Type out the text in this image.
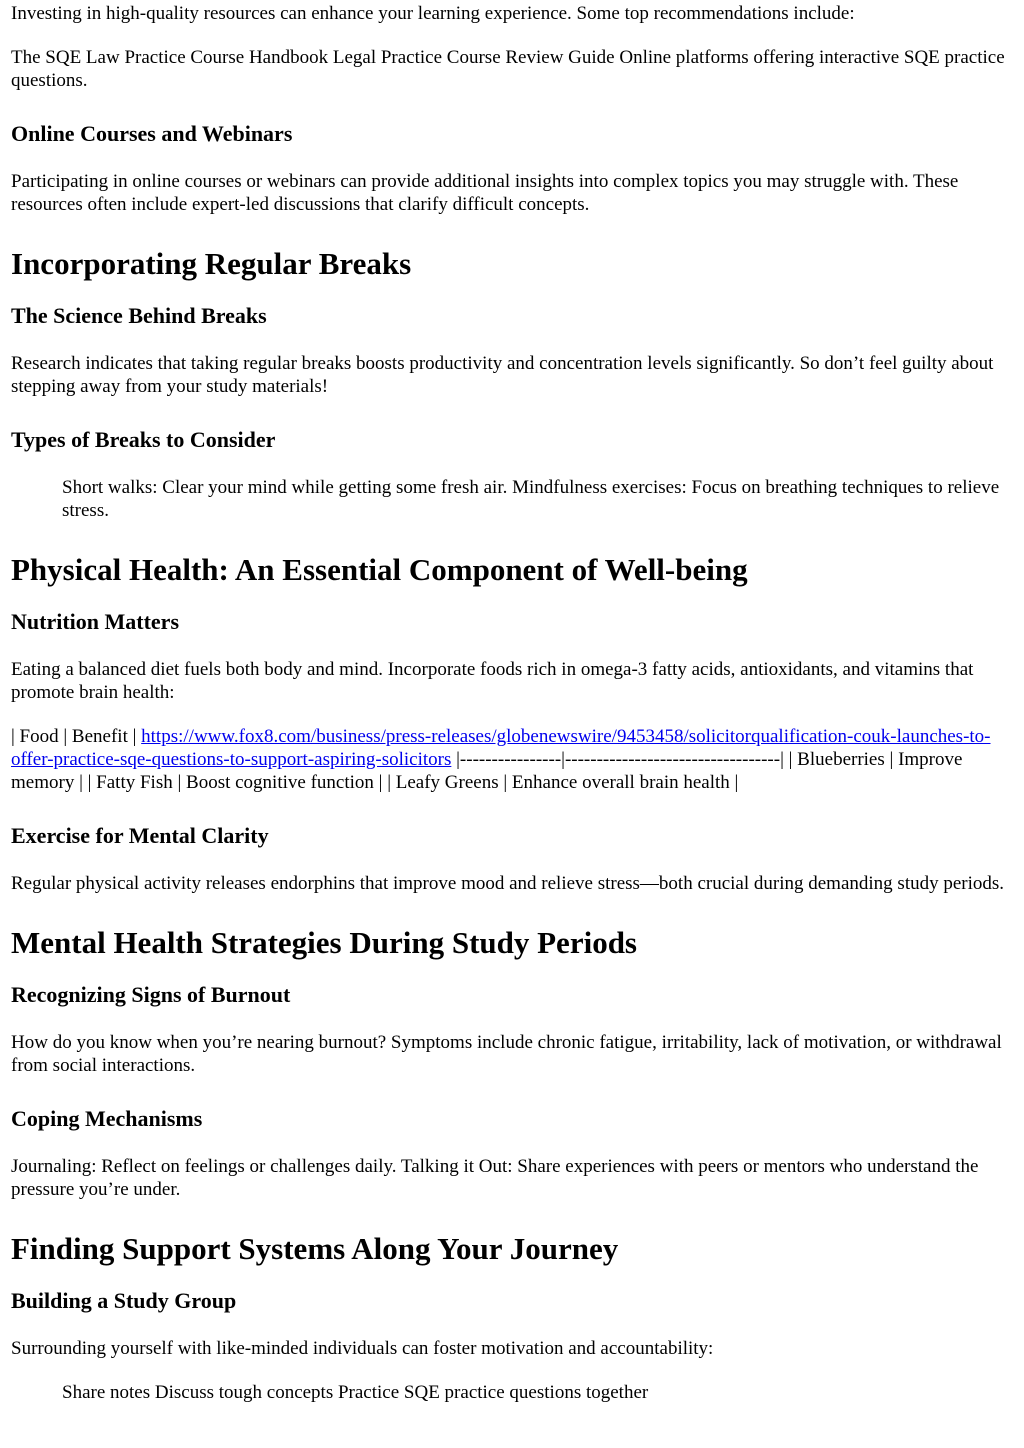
Investing in high-quality resources can enhance your learning experience. Some top recommendations include:

The SQE Law Practice Course Handbook Legal Practice Course Review Guide Online platforms offering interactive SQE practice questions.

Online Courses and Webinars

Participating in online courses or webinars can provide additional insights into complex topics you may struggle with. These resources often include expert-led discussions that clarify difficult concepts.

Incorporating Regular Breaks
The Science Behind Breaks

Research indicates that taking regular breaks boosts productivity and concentration levels significantly. So don’t feel guilty about stepping away from your study materials!

Types of Breaks to Consider

Short walks: Clear your mind while getting some fresh air. Mindfulness exercises: Focus on breathing techniques to relieve stress.

Physical Health: An Essential Component of Well-being
Nutrition Matters

Eating a balanced diet fuels both body and mind. Incorporate foods rich in omega-3 fatty acids, antioxidants, and vitamins that promote brain health:

| Food | Benefit | https://www.fox8.com/business/press-releases/globenewswire/9453458/solicitorqualification-couk-launches-to-offer-practice-sqe-questions-to-support-aspiring-solicitors |----------------|----------------------------------| | Blueberries | Improve memory | | Fatty Fish | Boost cognitive function | | Leafy Greens | Enhance overall brain health |

Exercise for Mental Clarity

Regular physical activity releases endorphins that improve mood and relieve stress—both crucial during demanding study periods.

Mental Health Strategies During Study Periods
Recognizing Signs of Burnout

How do you know when you’re nearing burnout? Symptoms include chronic fatigue, irritability, lack of motivation, or withdrawal from social interactions.

Coping Mechanisms

Journaling: Reflect on feelings or challenges daily. Talking it Out: Share experiences with peers or mentors who understand the pressure you’re under.

Finding Support Systems Along Your Journey
Building a Study Group

Surrounding yourself with like-minded individuals can foster motivation and accountability:

Share notes Discuss tough concepts Practice SQE practice questions together
